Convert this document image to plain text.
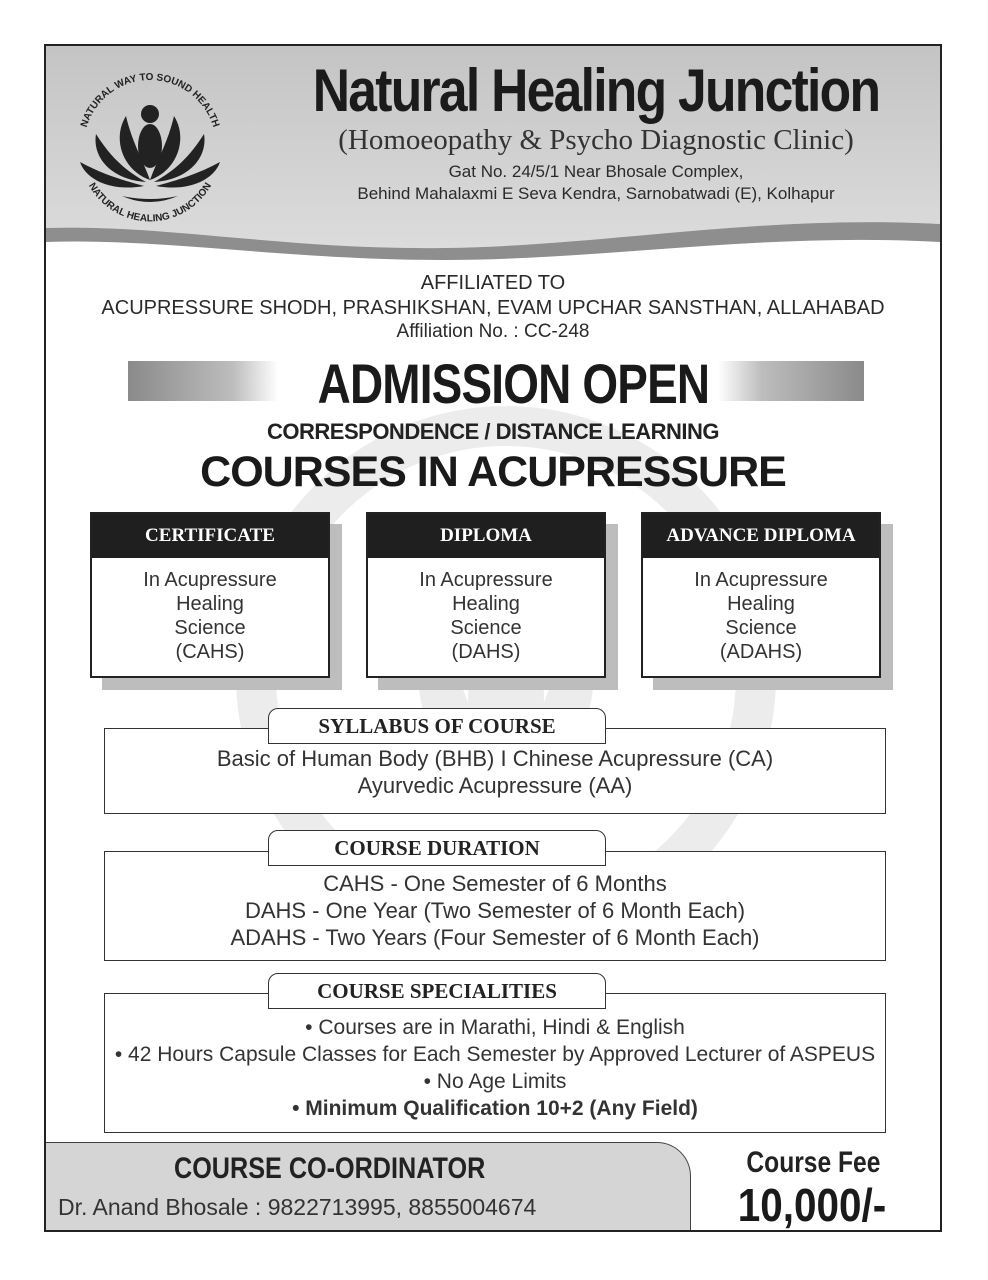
NATURAL WAY TO SOUND HEALTH
NATURAL HEALING JUNCTION
Natural Healing Junction
(Homoeopathy & Psycho Diagnostic Clinic)
Gat No. 24/5/1 Near Bhosale Complex,
Behind Mahalaxmi E Seva Kendra, Sarnobatwadi (E), Kolhapur
AFFILIATED TO
ACUPRESSURE SHODH, PRASHIKSHAN, EVAM UPCHAR SANSTHAN, ALLAHABAD
Affiliation No. : CC-248
ADMISSION OPEN
CORRESPONDENCE / DISTANCE LEARNING
COURSES IN ACUPRESSURE
CERTIFICATE
In Acupressure
Healing
Science
(CAHS)
DIPLOMA
In Acupressure
Healing
Science
(DAHS)
ADVANCE DIPLOMA
In Acupressure
Healing
Science
(ADAHS)
Basic of Human Body (BHB) I Chinese Acupressure (CA)
Ayurvedic Acupressure (AA)
SYLLABUS OF COURSE
CAHS - One Semester of 6 Months
DAHS - One Year (Two Semester of 6 Month Each)
ADAHS - Two Years (Four Semester of 6 Month Each)
COURSE DURATION
• Courses are in Marathi, Hindi & English
• 42 Hours Capsule Classes for Each Semester by Approved Lecturer of ASPEUS
• No Age Limits
• Minimum Qualification 10+2 (Any Field)
COURSE SPECIALITIES
COURSE CO-ORDINATOR
Dr. Anand Bhosale : 9822713995, 8855004674
Course Fee
10,000/-
